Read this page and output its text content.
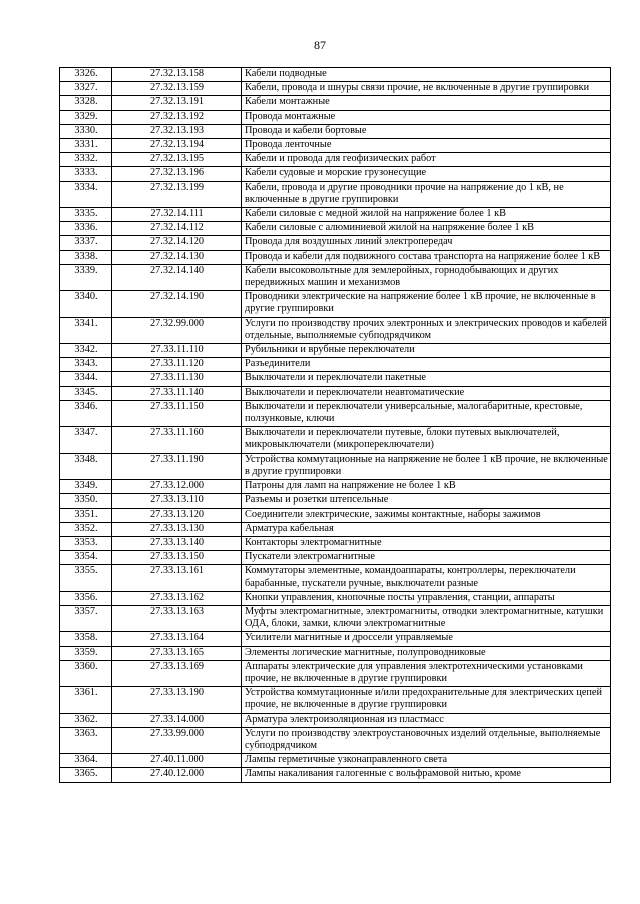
87
3326.	27.32.13.158	Кабели подводные
3327.	27.32.13.159	Кабели, провода и шнуры связи прочие, не включенные в другие группировки
3328.	27.32.13.191	Кабели монтажные
3329.	27.32.13.192	Провода монтажные
3330.	27.32.13.193	Провода и кабели бортовые
3331.	27.32.13.194	Провода ленточные
3332.	27.32.13.195	Кабели и провода для геофизических работ
3333.	27.32.13.196	Кабели судовые и морские грузонесущие
3334.	27.32.13.199	Кабели, провода и другие проводники прочие на напряжение до 1 кВ, не включенные в другие группировки
3335.	27.32.14.111	Кабели силовые с медной жилой на напряжение более 1 кВ
3336.	27.32.14.112	Кабели силовые с алюминиевой жилой на напряжение более 1 кВ
3337.	27.32.14.120	Провода для воздушных линий электропередач
3338.	27.32.14.130	Провода и кабели для подвижного состава транспорта на напряжение более 1 кВ
3339.	27.32.14.140	Кабели высоковольтные для землеройных, горнодобывающих и других передвижных машин и механизмов
3340.	27.32.14.190	Проводники электрические на напряжение более 1 кВ прочие, не включенные в другие группировки
3341.	27.32.99.000	Услуги по производству прочих электронных и электрических проводов и кабелей отдельные, выполняемые субподрядчиком
3342.	27.33.11.110	Рубильники и врубные переключатели
3343.	27.33.11.120	Разъединители
3344.	27.33.11.130	Выключатели и переключатели пакетные
3345.	27.33.11.140	Выключатели и переключатели неавтоматические
3346.	27.33.11.150	Выключатели и переключатели универсальные, малогабаритные, крестовые, ползунковые, ключи
3347.	27.33.11.160	Выключатели и переключатели путевые, блоки путевых выключателей, микровыключатели (микропереключатели)
3348.	27.33.11.190	Устройства коммутационные на напряжение не более 1 кВ прочие, не включенные в другие группировки
3349.	27.33.12.000	Патроны для ламп на напряжение не более 1 кВ
3350.	27.33.13.110	Разъемы и розетки штепсельные
3351.	27.33.13.120	Соединители электрические, зажимы контактные, наборы зажимов
3352.	27.33.13.130	Арматура кабельная
3353.	27.33.13.140	Контакторы электромагнитные
3354.	27.33.13.150	Пускатели электромагнитные
3355.	27.33.13.161	Коммутаторы элементные, командоаппараты, контроллеры, переключатели барабанные, пускатели ручные, выключатели разные
3356.	27.33.13.162	Кнопки управления, кнопочные посты управления, станции, аппараты
3357.	27.33.13.163	Муфты электромагнитные, электромагниты, отводки электромагнитные, катушки ОДА, блоки, замки, ключи электромагнитные
3358.	27.33.13.164	Усилители магнитные и дроссели управляемые
3359.	27.33.13.165	Элементы логические магнитные, полупроводниковые
3360.	27.33.13.169	Аппараты электрические для управления электротехническими установками прочие, не включенные в другие группировки
3361.	27.33.13.190	Устройства коммутационные и/или предохранительные для электрических цепей прочие, не включенные в другие группировки
3362.	27.33.14.000	Арматура электроизоляционная из пластмасс
3363.	27.33.99.000	Услуги по производству электроустановочных изделий отдельные, выполняемые субподрядчиком
3364.	27.40.11.000	Лампы герметичные узконаправленного света
3365.	27.40.12.000	Лампы накаливания галогенные с вольфрамовой нитью, кроме
